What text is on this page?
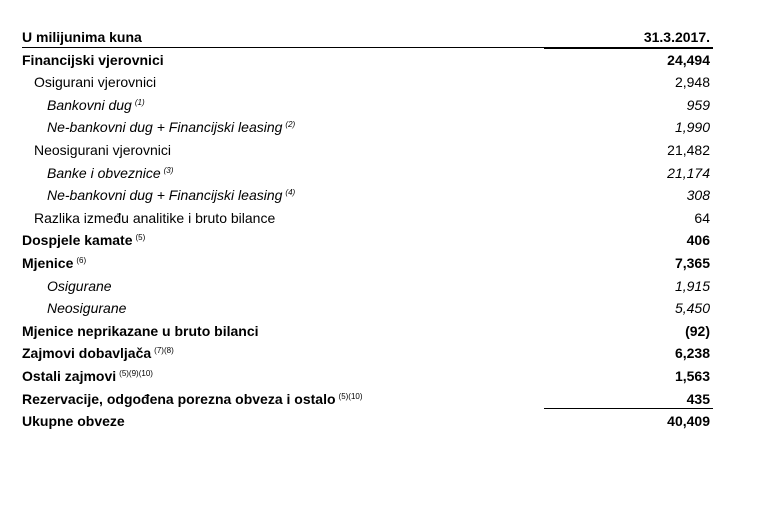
U milijunima kuna	31.3.2017.
Financijski vjerovnici	24,494
Osigurani vjerovnici	2,948
Bankovni dug $^{(1)}$	959
Ne-bankovni dug + Financijski leasing $^{(2)}$	1,990
Neosigurani vjerovnici	21,482
Banke i obveznice $^{(3)}$	21,174
Ne-bankovni dug + Financijski leasing $^{(4)}$	308
Razlika između analitike i bruto bilance	64
Dospjele kamate $^{(5)}$	406
Mjenice $^{(6)}$	7,365
Osigurane	1,915
Neosigurane	5,450
Mjenice neprikazane u bruto bilanci	(92)
Zajmovi dobavljača $^{(7)(8)}$	6,238
Ostali zajmovi $^{(5)(9)(10)}$	1,563
Rezervacije, odgođena porezna obveza i ostalo $^{(5)(10)}$	435
Ukupne obveze	40,409
